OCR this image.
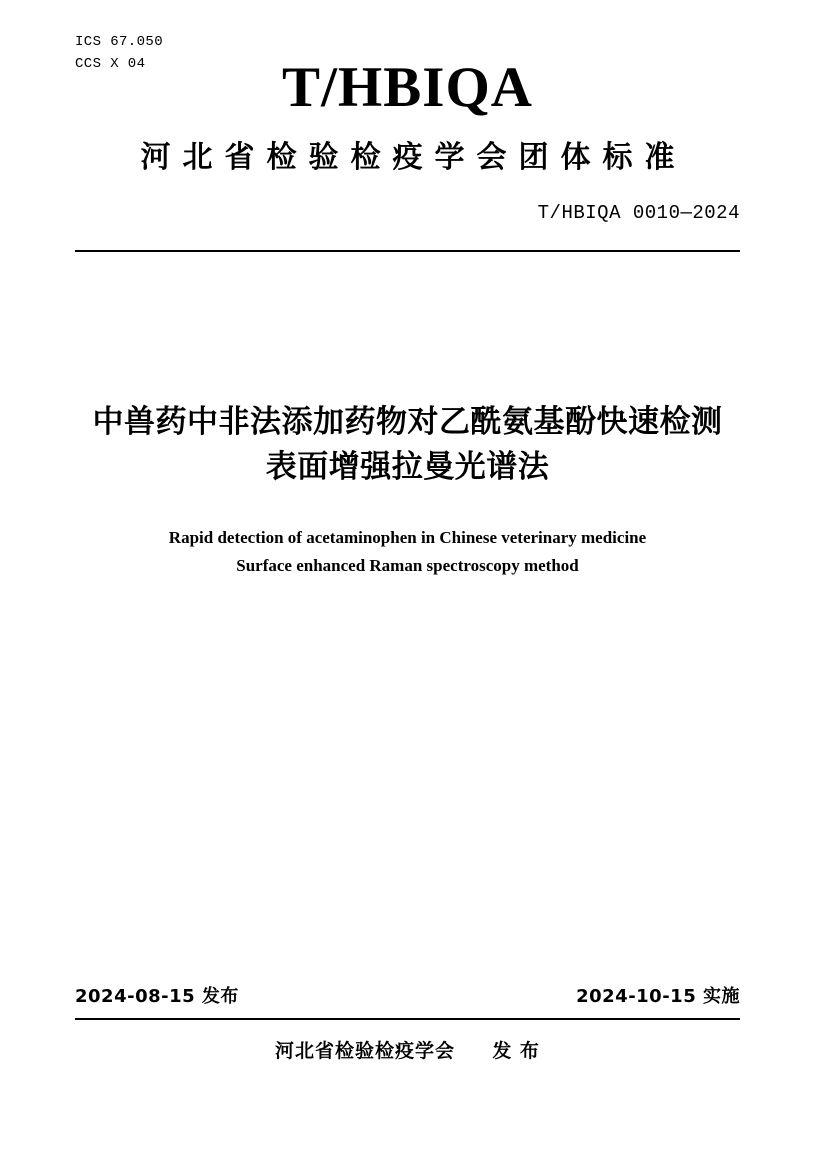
ICS 67.050
CCS X 04	T/HBIQA
河北省检验检疫学会团体标准
T/HBIQA 0010—2024
中兽药中非法添加药物对乙酰氨基酚快速检测
表面增强拉曼光谱法
Rapid detection of acetaminophen in Chinese veterinary medicine
Surface enhanced Raman spectroscopy method
2024-08-15 发布	2024-10-15 实施
河北省检验检疫学会 发 布
